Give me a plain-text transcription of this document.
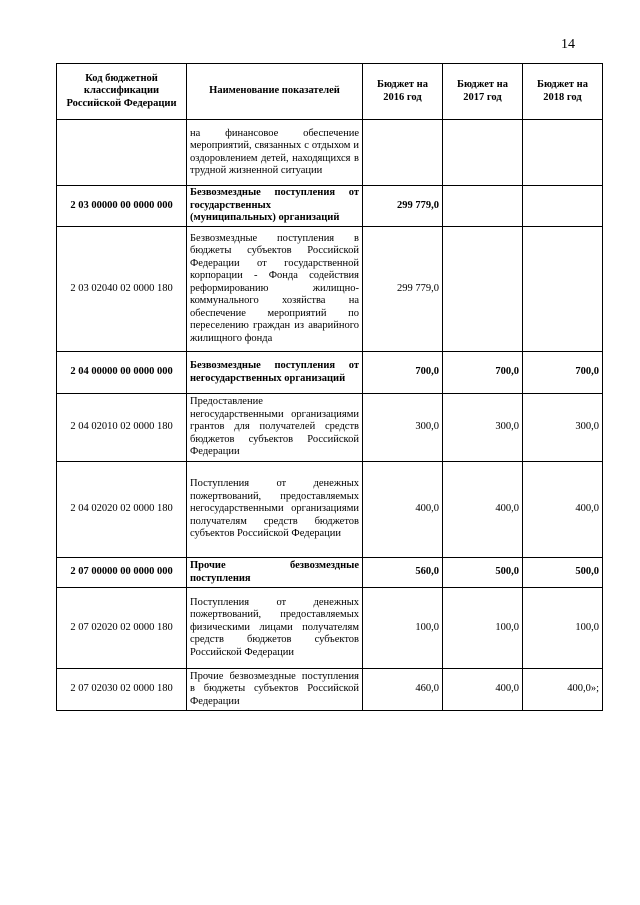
14
Код бюджетной классификации Российской Федерации	Наименование показателей	Бюджет на 2016 год	Бюджет на 2017 год	Бюджет на 2018 год
	на финансовое обеспечение мероприятий, связанных с отдыхом и оздоровлением детей, находящихся в трудной жизненной ситуации			
2 03 00000 00 0000 000	Безвозмездные поступления от государственных (муниципальных) организаций	299 779,0		
2 03 02040 02 0000 180	Безвозмездные поступления в бюджеты субъектов Российской Федерации от государственной корпорации - Фонда содействия реформированию жилищно-коммунального хозяйства на обеспечение мероприятий по переселению граждан из аварийного жилищного фонда	299 779,0		
2 04 00000 00 0000 000	Безвозмездные поступления от негосударственных организаций	700,0	700,0	700,0
2 04 02010 02 0000 180	Предоставление негосударственными организациями грантов для получателей средств бюджетов субъектов Российской Федерации	300,0	300,0	300,0
2 04 02020 02 0000 180	Поступления от денежных пожертвований, предоставляемых негосударственными организациями получателям средств бюджетов субъектов Российской Федерации	400,0	400,0	400,0
2 07 00000 00 0000 000	Прочие безвозмездные поступления	560,0	500,0	500,0
2 07 02020 02 0000 180	Поступления от денежных пожертвований, предоставляемых физическими лицами получателям средств бюджетов субъектов Российской Федерации	100,0	100,0	100,0
2 07 02030 02 0000 180	Прочие безвозмездные поступления в бюджеты субъектов Российской Федерации	460,0	400,0	400,0»;
